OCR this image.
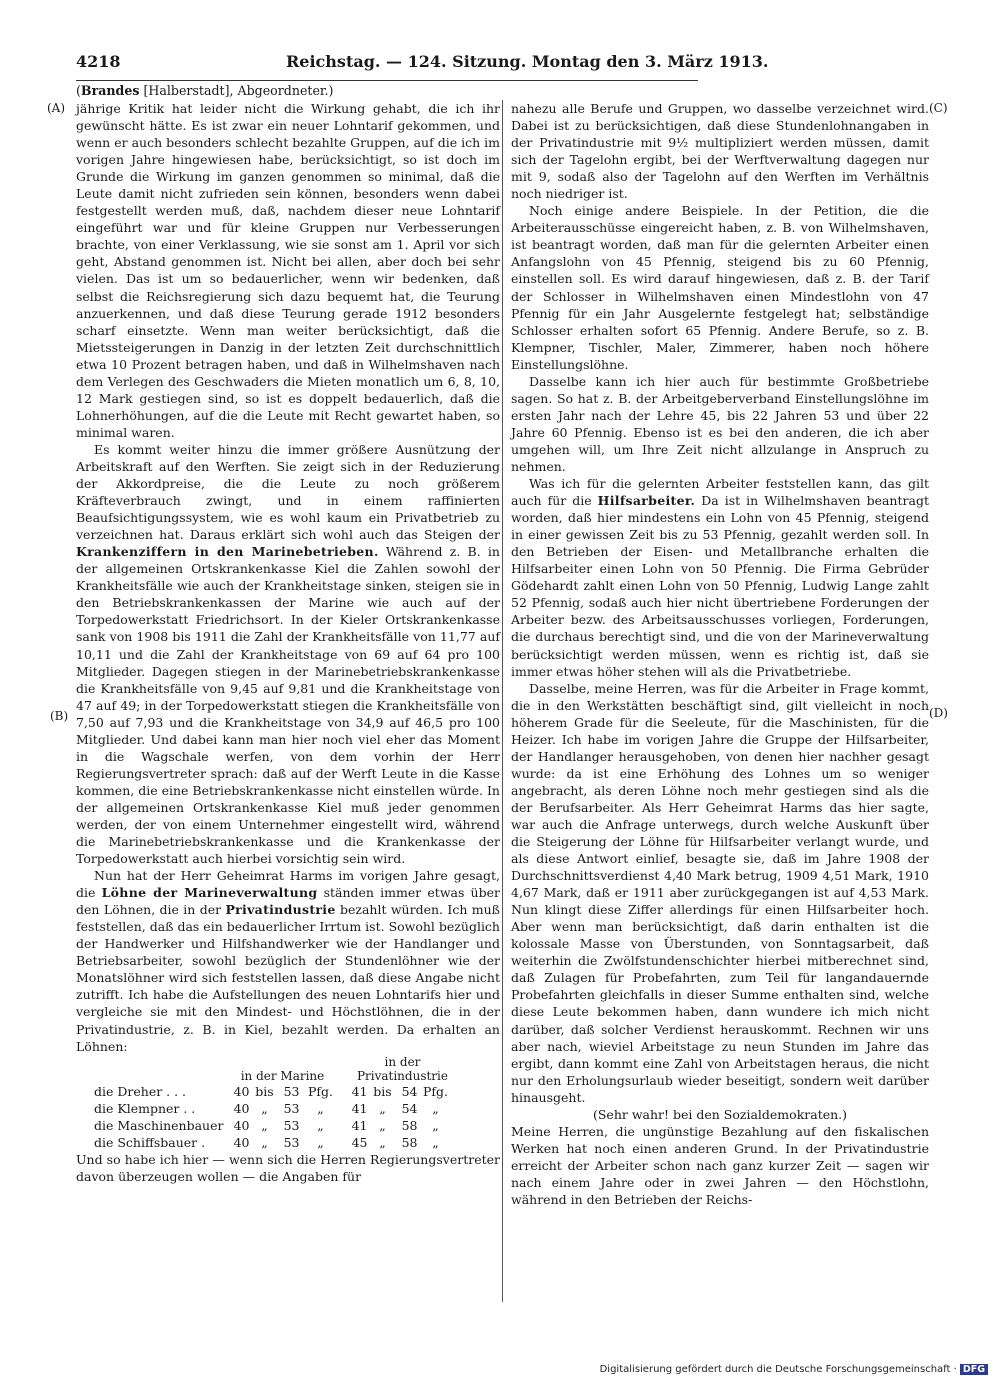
4218	Reichstag. — 124. Sitzung. Montag den 3. März 1913.
(Brandes [Halberstadt], Abgeordneter.)
(A)
(B)
(C)
(D)

jährige Kritik hat leider nicht die Wirkung gehabt, die ich ihr gewünscht hätte. Es ist zwar ein neuer Lohntarif gekommen, und wenn er auch besonders schlecht bezahlte Gruppen, auf die ich im vorigen Jahre hingewiesen habe, berücksichtigt, so ist doch im Grunde die Wirkung im ganzen genommen so minimal, daß die Leute damit nicht zufrieden sein können, besonders wenn dabei festgestellt werden muß, daß, nachdem dieser neue Lohntarif eingeführt war und für kleine Gruppen nur Verbesserungen brachte, von einer Verklassung, wie sie sonst am 1. April vor sich geht, Abstand genommen ist. Nicht bei allen, aber doch bei sehr vielen. Das ist um so bedauerlicher, wenn wir bedenken, daß selbst die Reichsregierung sich dazu bequemt hat, die Teurung anzuerkennen, und daß diese Teurung gerade 1912 besonders scharf einsetzte. Wenn man weiter berücksichtigt, daß die Mietssteigerungen in Danzig in der letzten Zeit durchschnittlich etwa 10 Prozent betragen haben, und daß in Wilhelmshaven nach dem Verlegen des Geschwaders die Mieten monatlich um 6, 8, 10, 12 Mark gestiegen sind, so ist es doppelt bedauerlich, daß die Lohnerhöhungen, auf die die Leute mit Recht gewartet haben, so minimal waren.

Es kommt weiter hinzu die immer größere Ausnützung der Arbeitskraft auf den Werften. Sie zeigt sich in der Reduzierung der Akkordpreise, die die Leute zu noch größerem Kräfteverbrauch zwingt, und in einem raffinierten Beaufsichtigungssystem, wie es wohl kaum ein Privatbetrieb zu verzeichnen hat. Daraus erklärt sich wohl auch das Steigen der Krankenziffern in den Marinebetrieben. Während z. B. in der allgemeinen Ortskrankenkasse Kiel die Zahlen sowohl der Krankheitsfälle wie auch der Krankheitstage sinken, steigen sie in den Betriebskrankenkassen der Marine wie auch auf der Torpedowerkstatt Friedrichsort. In der Kieler Ortskrankenkasse sank von 1908 bis 1911 die Zahl der Krankheitsfälle von 11,77 auf 10,11 und die Zahl der Krankheitstage von 69 auf 64 pro 100 Mitglieder. Dagegen stiegen in der Marinebetriebskrankenkasse die Krankheitsfälle von 9,45 auf 9,81 und die Krankheitstage von 47 auf 49; in der Torpedowerkstatt stiegen die Krankheitsfälle von 7,50 auf 7,93 und die Krankheitstage von 34,9 auf 46,5 pro 100 Mitglieder. Und dabei kann man hier noch viel eher das Moment in die Wagschale werfen, von dem vorhin der Herr Regierungsvertreter sprach: daß auf der Werft Leute in die Kasse kommen, die eine Betriebskrankenkasse nicht einstellen würde. In der allgemeinen Ortskrankenkasse Kiel muß jeder genommen werden, der von einem Unternehmer eingestellt wird, während die Marinebetriebskrankenkasse und die Krankenkasse der Torpedowerkstatt auch hierbei vorsichtig sein wird.

Nun hat der Herr Geheimrat Harms im vorigen Jahre gesagt, die Löhne der Marineverwaltung ständen immer etwas über den Löhnen, die in der Privatindustrie bezahlt würden. Ich muß feststellen, daß das ein bedauerlicher Irrtum ist. Sowohl bezüglich der Handwerker und Hilfshandwerker wie der Handlanger und Betriebsarbeiter, sowohl bezüglich der Stundenlöhner wie der Monatslöhner wird sich feststellen lassen, daß diese Angabe nicht zutrifft. Ich habe die Aufstellungen des neuen Lohntarifs hier und vergleiche sie mit den Mindest- und Höchstlöhnen, die in der Privatindustrie, z. B. in Kiel, bezahlt werden. Da erhalten an Löhnen:

	in der Marine				in der Privatindustrie			
die Dreher . . .	40	bis	53	Pfg.	41	bis	54	Pfg.
die Klempner . .	40	„	53	„	41	„	54	„
die Maschinenbauer	40	„	53	„	41	„	58	„
die Schiffsbauer .	40	„	53	„	45	„	58	„

Und so habe ich hier — wenn sich die Herren Regierungsvertreter davon überzeugen wollen — die Angaben für

nahezu alle Berufe und Gruppen, wo dasselbe verzeichnet wird. Dabei ist zu berücksichtigen, daß diese Stundenlohnangaben in der Privatindustrie mit 9½ multipliziert werden müssen, damit sich der Tagelohn ergibt, bei der Werftverwaltung dagegen nur mit 9, sodaß also der Tagelohn auf den Werften im Verhältnis noch niedriger ist.

Noch einige andere Beispiele. In der Petition, die die Arbeiterausschüsse eingereicht haben, z. B. von Wilhelmshaven, ist beantragt worden, daß man für die gelernten Arbeiter einen Anfangslohn von 45 Pfennig, steigend bis zu 60 Pfennig, einstellen soll. Es wird darauf hingewiesen, daß z. B. der Tarif der Schlosser in Wilhelmshaven einen Mindestlohn von 47 Pfennig für ein Jahr Ausgelernte festgelegt hat; selbständige Schlosser erhalten sofort 65 Pfennig. Andere Berufe, so z. B. Klempner, Tischler, Maler, Zimmerer, haben noch höhere Einstellungslöhne.

Dasselbe kann ich hier auch für bestimmte Großbetriebe sagen. So hat z. B. der Arbeitgeberverband Einstellungslöhne im ersten Jahr nach der Lehre 45, bis 22 Jahren 53 und über 22 Jahre 60 Pfennig. Ebenso ist es bei den anderen, die ich aber umgehen will, um Ihre Zeit nicht allzulange in Anspruch zu nehmen.

Was ich für die gelernten Arbeiter feststellen kann, das gilt auch für die Hilfsarbeiter. Da ist in Wilhelmshaven beantragt worden, daß hier mindestens ein Lohn von 45 Pfennig, steigend in einer gewissen Zeit bis zu 53 Pfennig, gezahlt werden soll. In den Betrieben der Eisen- und Metallbranche erhalten die Hilfsarbeiter einen Lohn von 50 Pfennig. Die Firma Gebrüder Gödehardt zahlt einen Lohn von 50 Pfennig, Ludwig Lange zahlt 52 Pfennig, sodaß auch hier nicht übertriebene Forderungen der Arbeiter bezw. des Arbeitsausschusses vorliegen, Forderungen, die durchaus berechtigt sind, und die von der Marineverwaltung berücksichtigt werden müssen, wenn es richtig ist, daß sie immer etwas höher stehen will als die Privatbetriebe.

Dasselbe, meine Herren, was für die Arbeiter in Frage kommt, die in den Werkstätten beschäftigt sind, gilt vielleicht in noch höherem Grade für die Seeleute, für die Maschinisten, für die Heizer. Ich habe im vorigen Jahre die Gruppe der Hilfsarbeiter, der Handlanger herausgehoben, von denen hier nachher gesagt wurde: da ist eine Erhöhung des Lohnes um so weniger angebracht, als deren Löhne noch mehr gestiegen sind als die der Berufsarbeiter. Als Herr Geheimrat Harms das hier sagte, war auch die Anfrage unterwegs, durch welche Auskunft über die Steigerung der Löhne für Hilfsarbeiter verlangt wurde, und als diese Antwort einlief, besagte sie, daß im Jahre 1908 der Durchschnittsverdienst 4,40 Mark betrug, 1909 4,51 Mark, 1910 4,67 Mark, daß er 1911 aber zurückgegangen ist auf 4,53 Mark. Nun klingt diese Ziffer allerdings für einen Hilfsarbeiter hoch. Aber wenn man berücksichtigt, daß darin enthalten ist die kolossale Masse von Überstunden, von Sonntagsarbeit, daß weiterhin die Zwölfstundenschichter hierbei mitberechnet sind, daß Zulagen für Probefahrten, zum Teil für langandauernde Probefahrten gleichfalls in dieser Summe enthalten sind, welche diese Leute bekommen haben, dann wundere ich mich nicht darüber, daß solcher Verdienst herauskommt. Rechnen wir uns aber nach, wieviel Arbeitstage zu neun Stunden im Jahre das ergibt, dann kommt eine Zahl von Arbeitstagen heraus, die nicht nur den Erholungsurlaub wieder beseitigt, sondern weit darüber hinausgeht.

(Sehr wahr! bei den Sozialdemokraten.)

Meine Herren, die ungünstige Bezahlung auf den fiskalischen Werken hat noch einen anderen Grund. In der Privatindustrie erreicht der Arbeiter schon nach ganz kurzer Zeit — sagen wir nach einem Jahre oder in zwei Jahren — den Höchstlohn, während in den Betrieben der Reichs-

Digitalisierung gefördert durch die Deutsche Forschungsgemeinschaft · DFG
